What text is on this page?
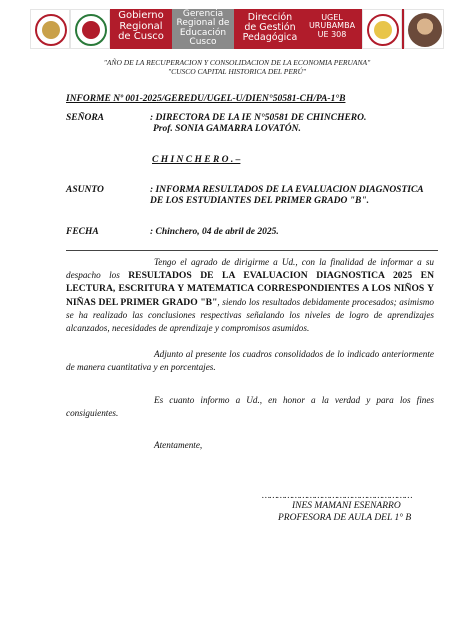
Gobierno
Regional
de Cusco
Gerencia
Regional de
Educación
Cusco
Dirección
de Gestión
Pedagógica
UGEL
URUBAMBA
UE 308
"AÑO DE LA RECUPERACION Y CONSOLIDACION DE LA ECONOMIA PERUANA"
"CUSCO CAPITAL HISTORICA DEL PERÚ"
INFORME Nº 001-2025/GEREDU/UGEL-U/DIEN°50581-CH/PA-1°B
SEÑORA	: DIRECTORA DE LA IE N°50581 DE CHINCHERO.
Prof. SONIA GAMARRA LOVATÓN.
C H I N C H E R O . –
ASUNTO	: INFORMA RESULTADOS DE LA EVALUACION DIAGNOSTICA
DE LOS ESTUDIANTES DEL PRIMER GRADO "B".
FECHA	: Chinchero, 04 de abril de 2025.
Tengo el agrado de dirigirme a Ud., con la finalidad de informar a su despacho los RESULTADOS DE LA EVALUACION DIAGNOSTICA 2025 EN LECTURA, ESCRITURA Y MATEMATICA CORRESPONDIENTES A LOS NIÑOS Y NIÑAS DEL PRIMER GRADO "B", siendo los resultados debidamente procesados; asimismo se ha realizado las conclusiones respectivas señalando los niveles de logro de aprendizajes alcanzados, necesidades de aprendizaje y compromisos asumidos.
Adjunto al presente los cuadros consolidados de lo indicado anteriormente de manera cuantitativa y en porcentajes.
Es cuanto informo a Ud., en honor a la verdad y para los fines consiguientes.
Atentamente,
……………………………………………………
INES MAMANI ESENARRO
PROFESORA DE AULA DEL 1° B
